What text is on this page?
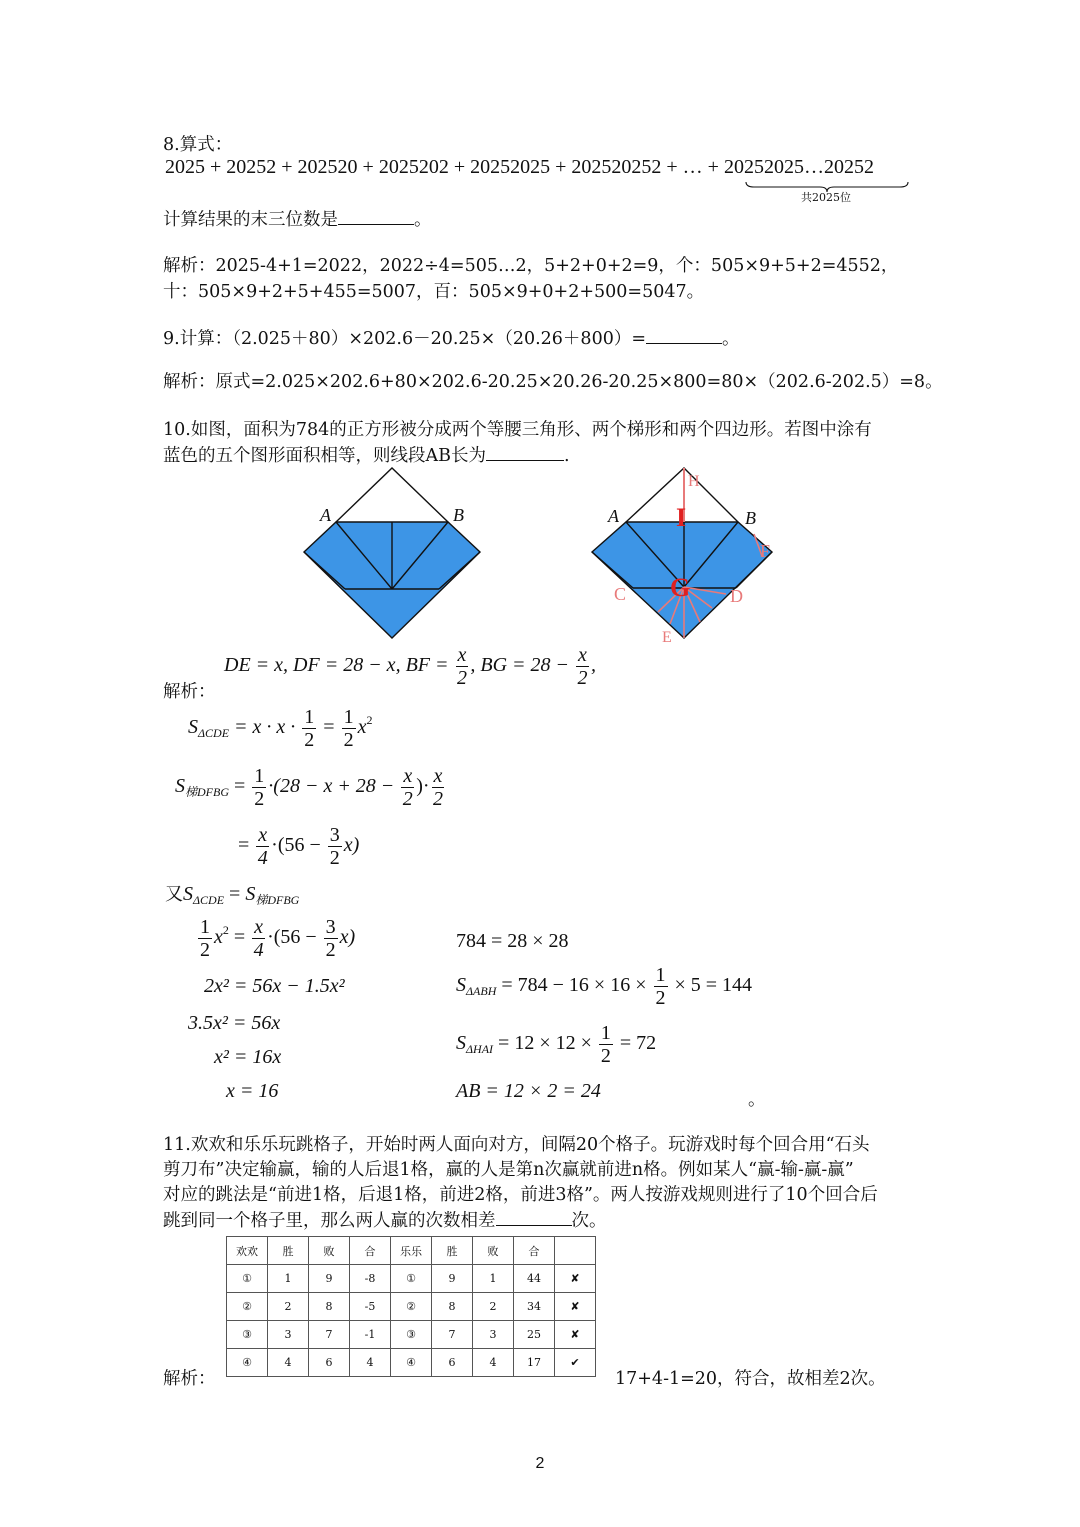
8.算式：
2025 + 20252 + 202520 + 2025202 + 20252025 + 202520252 + … + 20252025…20252
共2025位
计算结果的末三位数是	。
解析：2025-4+1=2022，2022÷4=505…2，5+2+0+2=9，个：505×9+5+2=4552，
十：505×9+2+5+455=5007，百：505×9+0+2+500=5047。
9.计算：（2.025＋80）×202.6－20.25×（20.26＋800）=	。
解析：原式=2.025×202.6+80×202.6-20.25×20.26-20.25×800=80×（202.6-202.5）=8。
10.如图，面积为784的正方形被分成两个等腰三角形、两个梯形和两个四边形。若图中涂有
蓝色的五个图形面积相等，则线段AB长为	.
A	B
H
A	B
I
F
C G D
E
解析：
DE = x, DF = 28 − x, BF = $\frac{x}{2}$ , BG = $28 - \frac{x}{2}$ ,
$S_{\Delta CDE} = x \cdot x \cdot \frac{1}{2} = \frac{1}{2} x^2$
$S_{梯DFBG} = \frac{1}{2} \cdot(28 - x + 28 - \frac{x}{2}$ )· $\frac{x}{2}$
= $\frac{x}{4} \cdot(56 - \frac{3}{2} x)$
又$S_{\Delta CDE} = S_{梯DFBG}$
$\frac{1}{2} x^2 = \frac{x}{4} \cdot(56 - \frac{3}{2} x)$
2x² = 56x − 1.5x²
3.5x² = 56x
x² = 16x
x = 16
784 = 28 × 28
$S_{\Delta ABH} = 784 - 16 \times 16 \times \frac{1}{2} \times 5 = 144$
$S_{\Delta HAI} = 12 \times 12 \times \frac{1}{2} = 72$
AB = 12 × 2 = 24	。
11.欢欢和乐乐玩跳格子，开始时两人面向对方，间隔20个格子。玩游戏时每个回合用“石头
剪刀布”决定输赢，输的人后退1格，赢的人是第n次赢就前进n格。例如某人“赢-输-赢-赢”
对应的跳法是“前进1格，后退1格，前进2格，前进3格”。两人按游戏规则进行了10个回合后
跳到同一个格子里，那么两人赢的次数相差	次。
解析：
欢欢	胜	败	合	乐乐	胜	败	合	
①	1	9	-8	①	9	1	44	✘
②	2	8	-5	②	8	2	34	✘
③	3	7	-1	③	7	3	25	✘
④	4	6	4	④	6	4	17	✔
17+4-1=20，符合，故相差2次。
2
